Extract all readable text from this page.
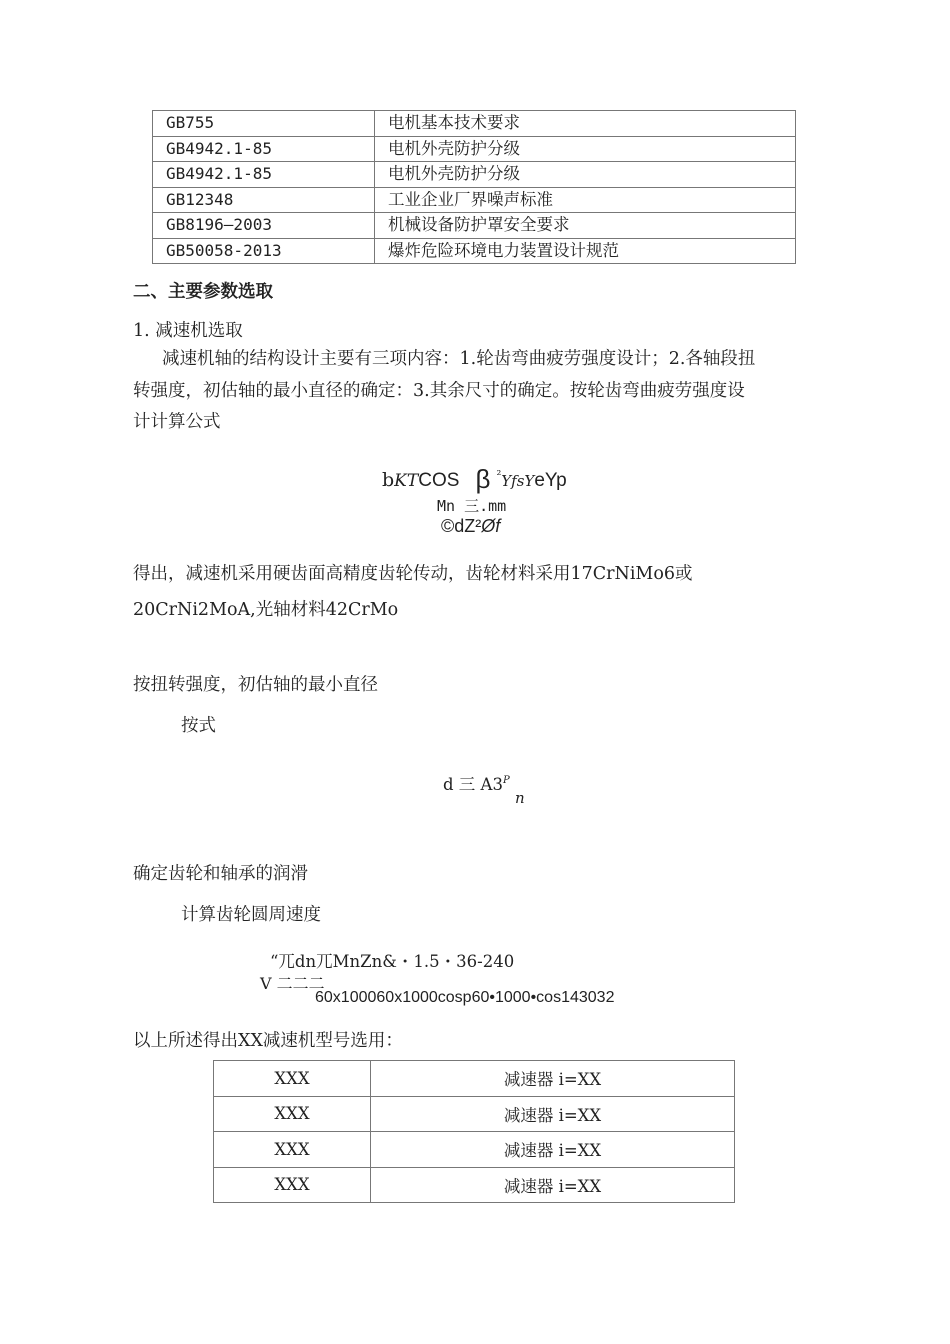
GB755	电机基本技术要求
GB4942.1-85	电机外壳防护分级
GB4942.1-85	电机外壳防护分级
GB12348	工业企业厂界噪声标准
GB8196—2003	机械设备防护罩安全要求
GB50058-2013	爆炸危险环境电力装置设计规范
二、主要参数选取
1. 减速机选取
减速机轴的结构设计主要有三项内容：1.轮齿弯曲疲劳强度设计；2.各轴段扭
转强度，初估轴的最小直径的确定：3.其余尺寸的确定。按轮齿弯曲疲劳强度设
计计算公式
bKTCOS β $^{^2}$YfsYeYp
Mn 三.mm
©dZ²Øf
得出，减速机采用硬齿面高精度齿轮传动，齿轮材料采用17CrNiMo6或
20CrNi2MoA,光轴材料42CrMo
按扭转强度，初估轴的最小直径
按式
d 三 $A3^P$
n
确定齿轮和轴承的润滑
计算齿轮圆周速度
“兀dn兀MnZn&・1.5・36-240
V 二二二
60x100060x1000cosp60•1000•cos143032
以上所述得出XX减速机型号选用：
XXX	减速器 i=XX
XXX	减速器 i=XX
XXX	减速器 i=XX
XXX	减速器 i=XX
